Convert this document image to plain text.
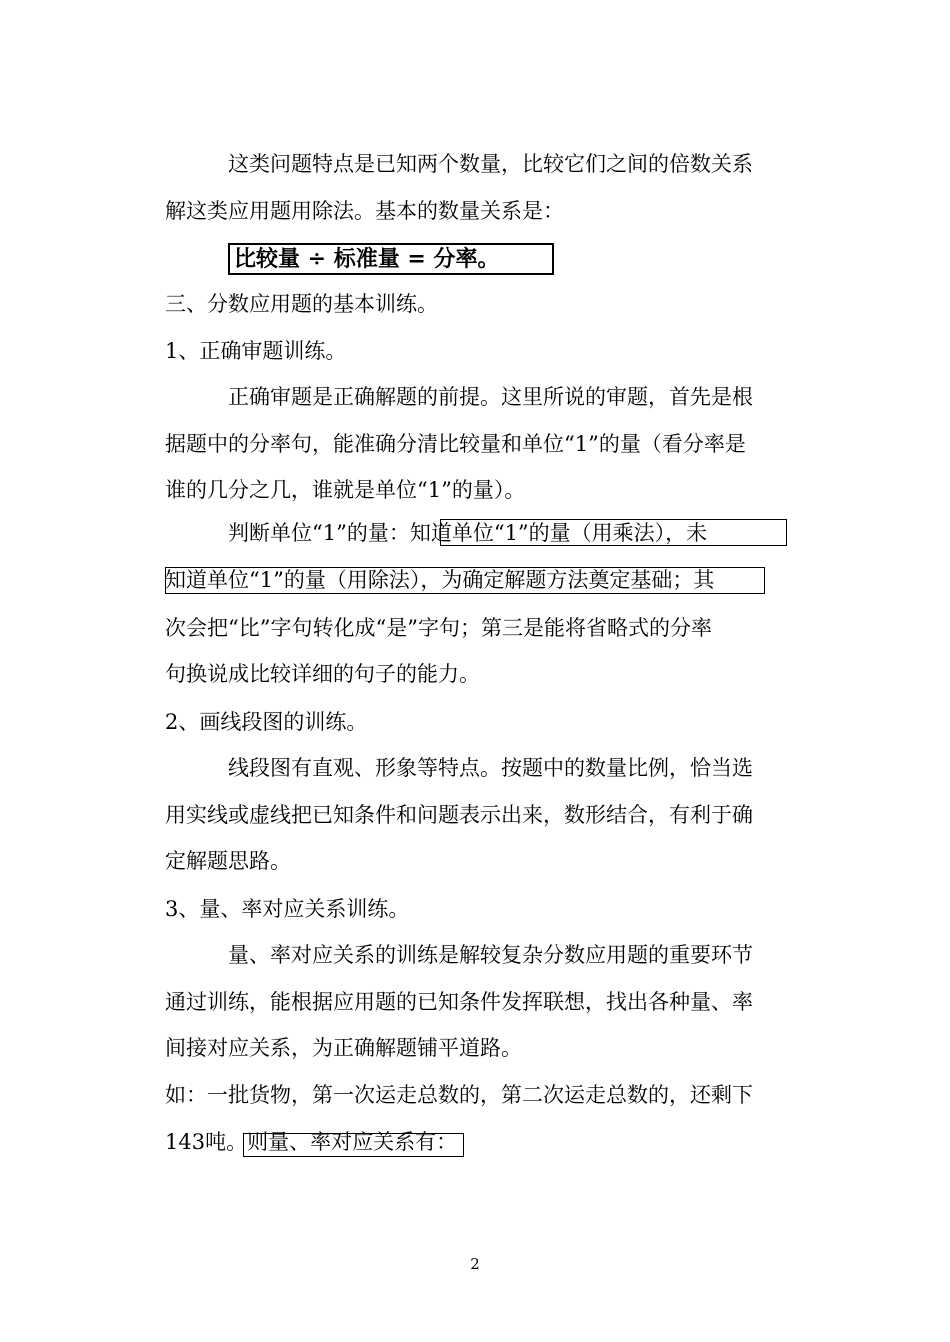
这类问题特点是已知两个数量，比较它们之间的倍数关系
解这类应用题用除法。基本的数量关系是：
比较量 ÷ 标准量 = 分率。
三、分数应用题的基本训练。
1、正确审题训练。
正确审题是正确解题的前提。这里所说的审题，首先是根
据题中的分率句，能准确分清比较量和单位“1”的量（看分率是
谁的几分之几，谁就是单位“1”的量）。
判断单位“1”的量：知道单位“1”的量（用乘法），未
知道单位“1”的量（用除法），为确定解题方法奠定基础；其
次会把“比”字句转化成“是”字句；第三是能将省略式的分率
句换说成比较详细的句子的能力。
2、画线段图的训练。
线段图有直观、形象等特点。按题中的数量比例，恰当选
用实线或虚线把已知条件和问题表示出来，数形结合，有利于确
定解题思路。
3、量、率对应关系训练。
量、率对应关系的训练是解较复杂分数应用题的重要环节
通过训练，能根据应用题的已知条件发挥联想，找出各种量、率
间接对应关系，为正确解题铺平道路。
如：一批货物，第一次运走总数的，第二次运走总数的，还剩下
143吨。则量、率对应关系有：
2
